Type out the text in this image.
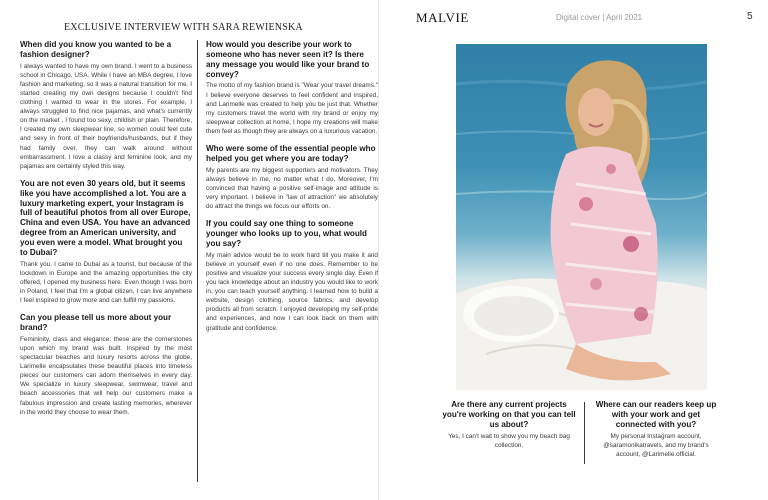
EXCLUSIVE INTERVIEW WITH SARA REWIENSKA
When did you know you wanted to be a fashion designer?
I always wanted to have my own brand. I went to a business school in Chicago, USA. While I have an MBA degree, I love fashion and marketing, so it was a natural transition for me. I started creating my own designs because I couldn't find clothing I wanted to wear in the stores. For example, I always struggled to find nice pajamas, and what's currently on the market , I found too sexy, childish or plain. Therefore, I created my own sleepwear line, so women could feel cute and sexy in front of their boyfriends/husbands, but if they had family over, they can walk around without embarrassment. I love a classy and feminine look, and my pajamas are certainly styled this way.
You are not even 30 years old, but it seems like you have accomplished a lot. You are a luxury marketing expert, your Instagram is full of beautiful photos from all over Europe, China and even USA. You have an advanced degree from an American university, and you even were a model. What brought you to Dubai?
Thank you. I came to Dubai as a tourist, but because of the lockdown in Europe and the amazing opportunities the city offered, I opened my business here. Even though I was born in Poland, I feel that I'm a global citizen, I can live anywhere I feel inspired to grow more and can fulfill my passions.
Can you please tell us more about your brand?
Femininity, class and elegance: these are the cornerstones upon which my brand was built. Inspired by the most spectacular beaches and luxury resorts across the globe, Larimelle encapsulates these beautiful places into timeless pieces our customers can adorn themselves in every day. We specialize in luxury sleepwear, swimwear, travel and beach accessories that will help our customers make a fabulous impression and create lasting memories, wherever in the world they choose to wear them.
How would you describe your work to someone who has never seen it? Is there any message you would like your brand to convey?
The motto of my fashion brand is "Wear your travel dreams." I believe everyone deserves to feel confident and inspired, and Larimelle was created to help you be just that. Whether my customers travel the world with my brand or enjoy my sleepwear collection at home, I hope my creations will make them feel as though they are always on a luxurious vacation.
Who were some of the essential people who helped you get where you are today?
My parents are my biggest supporters and motivators. They always believe in me, no matter what I do. Moreover, I'm convinced that having a positive self-image and attitude is very important. I believe in "law of attraction" we absolutely do attract the things we focus our efforts on.
If you could say one thing to someone younger who looks up to you, what would you say?
My main advice would be to work hard till you make it and believe in yourself even if no one does. Remember to be positive and visualize your success every single day. Even if you lack knowledge about an industry you would like to work in, you can teach yourself anything. I learned how to build a website, design clothing, source fabrics, and develop products all from scratch. I enjoyed developing my self-pride and experiences, and now I can look back on them with gratitude and confidence.
MALVIE	Digital cover | April 2021	5
Are there any current projects you're working on that you can tell us about?
Yes, I can't wait to show you my beach bag collection.
Where can our readers keep up with your work and get connected with you?
My personal Instagram account, @saramonikatravels, and my brand's account, @Larimelle.official.
